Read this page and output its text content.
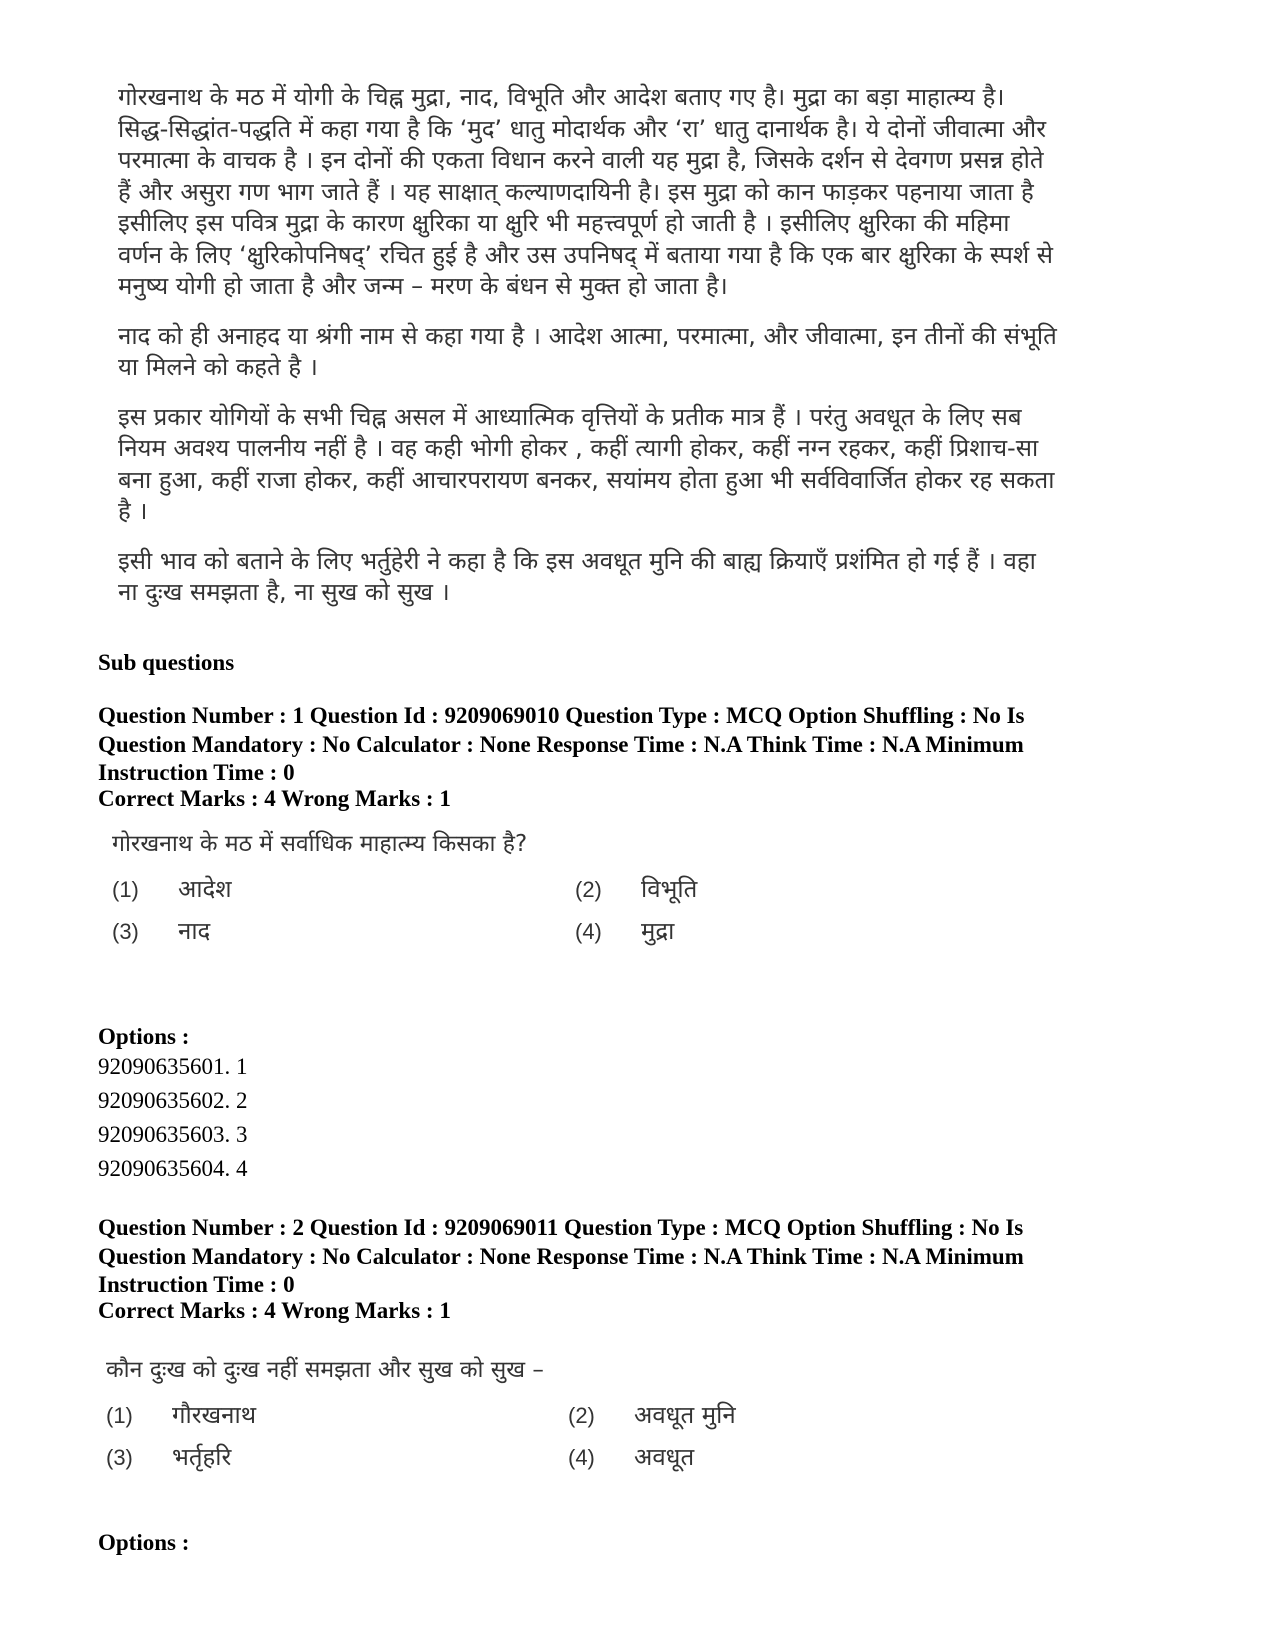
गोरखनाथ के मठ में योगी के चिह्न मुद्रा, नाद, विभूति और आदेश बताए गए है। मुद्रा का बड़ा माहात्म्य है। सिद्ध-सिद्धांत-पद्धति में कहा गया है कि ‘मुद’ धातु मोदार्थक और ‘रा’ धातु दानार्थक है। ये दोनों जीवात्मा और परमात्मा के वाचक है । इन दोनों की एकता विधान करने वाली यह मुद्रा है, जिसके दर्शन से देवगण प्रसन्न होते हैं और असुरा गण भाग जाते हैं । यह साक्षात् कल्याणदायिनी है। इस मुद्रा को कान फाड़कर पहनाया जाता है इसीलिए इस पवित्र मुद्रा के कारण क्षुरिका या क्षुरि भी महत्त्वपूर्ण हो जाती है । इसीलिए क्षुरिका की महिमा वर्णन के लिए ‘क्षुरिकोपनिषद्’ रचित हुई है और उस उपनिषद् में बताया गया है कि एक बार क्षुरिका के स्पर्श से मनुष्य योगी हो जाता है और जन्म – मरण के बंधन से मुक्त हो जाता है।

नाद को ही अनाहद या श्रंगी नाम से कहा गया है । आदेश आत्मा, परमात्मा, और जीवात्मा, इन तीनों की संभूति या मिलने को कहते है ।

इस प्रकार योगियों के सभी चिह्न असल में आध्यात्मिक वृत्तियों के प्रतीक मात्र हैं । परंतु अवधूत के लिए सब नियम अवश्य पालनीय नहीं है । वह कही भोगी होकर , कहीं त्यागी होकर, कहीं नग्न रहकर, कहीं प्रिशाच-सा बना हुआ, कहीं राजा होकर, कहीं आचारपरायण बनकर, सयांमय होता हुआ भी सर्वविवार्जित होकर रह सकता है ।

इसी भाव को बताने के लिए भर्तुहेरी ने कहा है कि इस अवधूत मुनि की बाह्य क्रियाएँ प्रशंमित हो गई हैं । वहा ना दुःख समझता है, ना सुख को सुख ।

Sub questions
Question Number : 1 Question Id : 9209069010 Question Type : MCQ Option Shuffling : No Is Question Mandatory : No Calculator : None Response Time : N.A Think Time : N.A Minimum Instruction Time : 0
Correct Marks : 4 Wrong Marks : 1
गोरखनाथ के मठ में सर्वाधिक माहात्म्य किसका है?
(1) आदेश	(2) विभूति
(3) नाद	(4) मुद्रा
Options :
92090635601. 1
92090635602. 2
92090635603. 3
92090635604. 4
Question Number : 2 Question Id : 9209069011 Question Type : MCQ Option Shuffling : No Is Question Mandatory : No Calculator : None Response Time : N.A Think Time : N.A Minimum Instruction Time : 0
Correct Marks : 4 Wrong Marks : 1
कौन दुःख को दुःख नहीं समझता और सुख को सुख –
(1) गौरखनाथ	(2) अवधूत मुनि
(3) भर्तृहरि	(4) अवधूत
Options :
